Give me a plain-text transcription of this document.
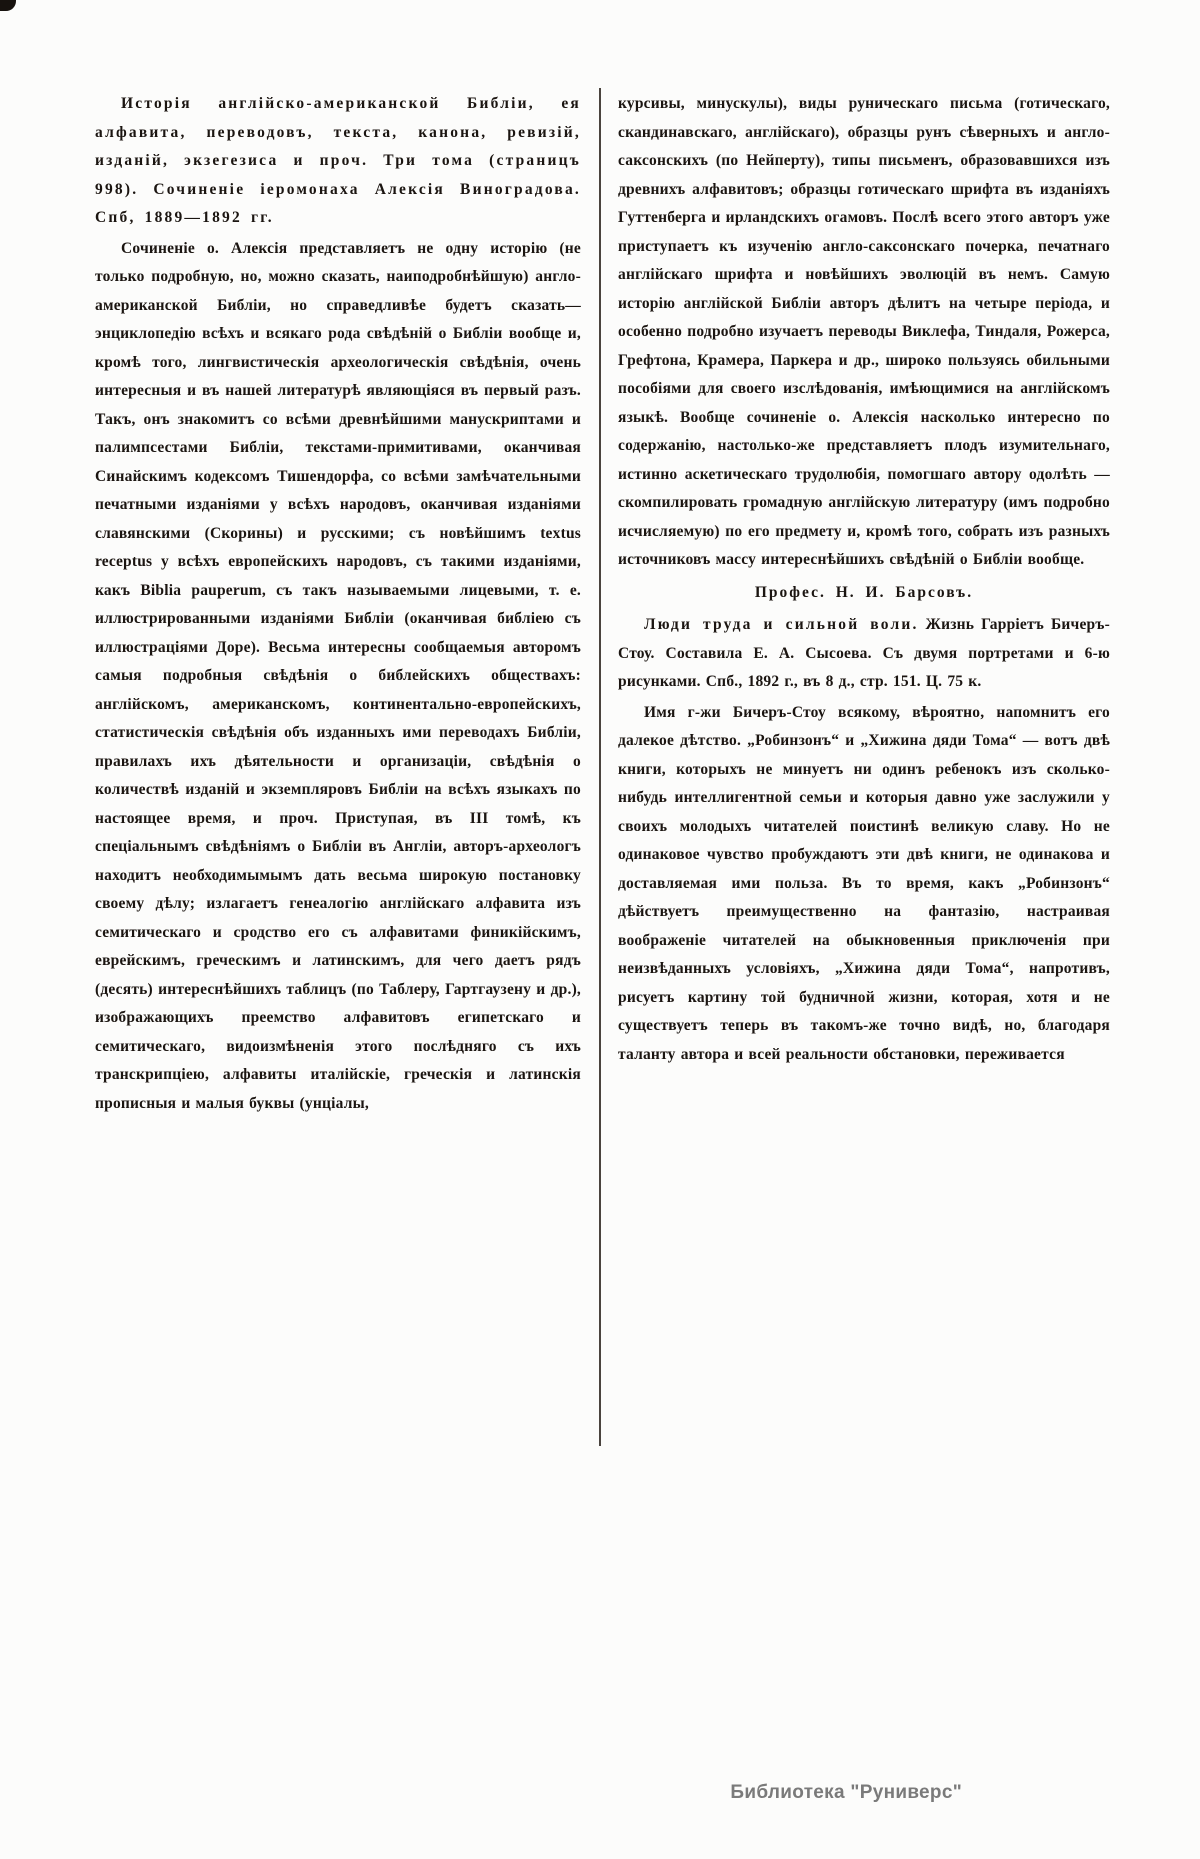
Исторія англійско-американской Библіи, ея алфавита, переводовъ, текста, канона, ревизій, изданій, экзегезиса и проч. Три тома (страницъ 998). Сочиненіе іеромонаха Алексія Виноградова. Спб, 1889—1892 гг.

Сочиненіе о. Алексія представляетъ не одну исторію (не только подробную, но, можно сказать, наиподробнѣйшую) англо-американской Библіи, но справедливѣе будетъ сказать—энциклопедію всѣхъ и всякаго рода свѣдѣній о Библіи вообще и, кромѣ того, лингвистическія археологическія свѣдѣнія, очень интересныя и въ нашей литературѣ являющіяся въ первый разъ. Такъ, онъ знакомитъ со всѣми древнѣйшими манускриптами и палимпсестами Библіи, текстами-примитивами, оканчивая Синайскимъ кодексомъ Тишендорфа, со всѣми замѣчательными печатными изданіями у всѣхъ народовъ, оканчивая изданіями славянскими (Скорины) и русскими; съ новѣйшимъ textus receptus у всѣхъ европейскихъ народовъ, съ такими изданіями, какъ Biblia pauperum, съ такъ называемыми лицевыми, т. е. иллюстрированными изданіями Библіи (оканчивая библіею съ иллюстраціями Доре). Весьма интересны сообщаемыя авторомъ самыя подробныя свѣдѣнія о библейскихъ обществахъ: англійскомъ, американскомъ, континентально-европейскихъ, статистическія свѣдѣнія объ изданныхъ ими переводахъ Библіи, правилахъ ихъ дѣятельности и организаціи, свѣдѣнія о количествѣ изданій и экземпляровъ Библіи на всѣхъ языкахъ по настоящее время, и проч. Приступая, въ III томѣ, къ спеціальнымъ свѣдѣніямъ о Библіи въ Англіи, авторъ-археологъ находитъ необходимымымъ дать весьма широкую постановку своему дѣлу; излагаетъ генеалогію англійскаго алфавита изъ семитическаго и сродство его съ алфавитами финикійскимъ, еврейскимъ, греческимъ и латинскимъ, для чего даетъ рядъ (десять) интереснѣйшихъ таблицъ (по Таблеру, Гартгаузену и др.), изображающихъ преемство алфавитовъ египетскаго и семитическаго, видоизмѣненія этого послѣдняго съ ихъ транскрипціею, алфавиты италійскіе, греческія и латинскія прописныя и малыя буквы (унціалы,

курсивы, минускулы), виды руническаго письма (готическаго, скандинавскаго, англійскаго), образцы рунъ сѣверныхъ и англо-саксонскихъ (по Нейперту), типы письменъ, образовавшихся изъ древнихъ алфавитовъ; образцы готическаго шрифта въ изданіяхъ Гуттенберга и ирландскихъ огамовъ. Послѣ всего этого авторъ уже приступаетъ къ изученію англо-саксонскаго почерка, печатнаго англійскаго шрифта и новѣйшихъ эволюцій въ немъ. Самую исторію англійской Библіи авторъ дѣлитъ на четыре періода, и особенно подробно изучаетъ переводы Виклефа, Тиндаля, Рожерса, Грефтона, Крамера, Паркера и др., широко пользуясь обильными пособіями для своего изслѣдованія, имѣющимися на англійскомъ языкѣ. Вообще сочиненіе о. Алексія насколько интересно по содержанію, настолько-же представляетъ плодъ изумительнаго, истинно аскетическаго трудолюбія, помогшаго автору одолѣть — скомпилировать громадную англійскую литературу (имъ подробно исчисляемую) по его предмету и, кромѣ того, собрать изъ разныхъ источниковъ массу интереснѣйшихъ свѣдѣній о Библіи вообще.

Профес. Н. И. Барсовъ.

Люди труда и сильной воли. Жизнь Гарріетъ Бичеръ-Стоу. Составила Е. А. Сысоева. Съ двумя портретами и 6-ю рисунками. Спб., 1892 г., въ 8 д., стр. 151. Ц. 75 к.

Имя г-жи Бичеръ-Стоу всякому, вѣроятно, напомнитъ его далекое дѣтство. „Робинзонъ“ и „Хижина дяди Тома“ — вотъ двѣ книги, которыхъ не минуетъ ни одинъ ребенокъ изъ сколько-нибудь интеллигентной семьи и которыя давно уже заслужили у своихъ молодыхъ читателей поистинѣ великую славу. Но не одинаковое чувство пробуждаютъ эти двѣ книги, не одинакова и доставляемая ими польза. Въ то время, какъ „Робинзонъ“ дѣйствуетъ преимущественно на фантазію, настраивая воображеніе читателей на обыкновенныя приключенія при неизвѣданныхъ условіяхъ, „Хижина дяди Тома“, напротивъ, рисуетъ картину той будничной жизни, которая, хотя и не существуетъ теперь въ такомъ-же точно видѣ, но, благодаря таланту автора и всей реальности обстановки, переживается

Библиотека "Руниверс"
